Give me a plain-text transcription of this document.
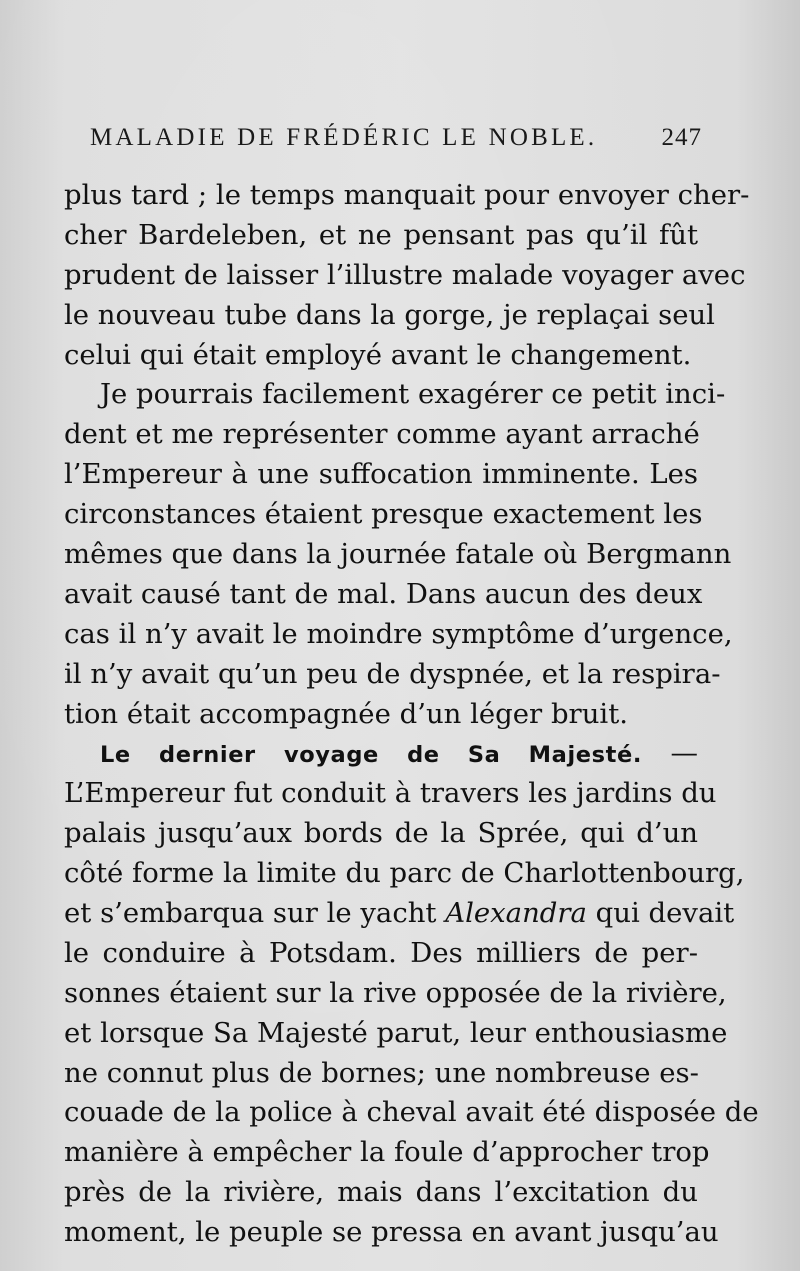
MALADIE DE FRÉDÉRIC LE NOBLE.	247
plus tard ; le temps manquait pour envoyer cher-
cher Bardeleben, et ne pensant pas qu’il fût
prudent de laisser l’illustre malade voyager avec
le nouveau tube dans la gorge, je replaçai seul
celui qui était employé avant le changement.
Je pourrais facilement exagérer ce petit inci-
dent et me représenter comme ayant arraché
l’Empereur à une suffocation imminente. Les
circonstances étaient presque exactement les
mêmes que dans la journée fatale où Bergmann
avait causé tant de mal. Dans aucun des deux
cas il n’y avait le moindre symptôme d’urgence,
il n’y avait qu’un peu de dyspnée, et la respira-
tion était accompagnée d’un léger bruit.
Le dernier voyage de Sa Majesté. —
L’Empereur fut conduit à travers les jardins du
palais jusqu’aux bords de la Sprée, qui d’un
côté forme la limite du parc de Charlottenbourg,
et s’embarqua sur le yacht Alexandra qui devait
le conduire à Potsdam. Des milliers de per-
sonnes étaient sur la rive opposée de la rivière,
et lorsque Sa Majesté parut, leur enthousiasme
ne connut plus de bornes; une nombreuse es-
couade de la police à cheval avait été disposée de
manière à empêcher la foule d’approcher trop
près de la rivière, mais dans l’excitation du
moment, le peuple se pressa en avant jusqu’au
